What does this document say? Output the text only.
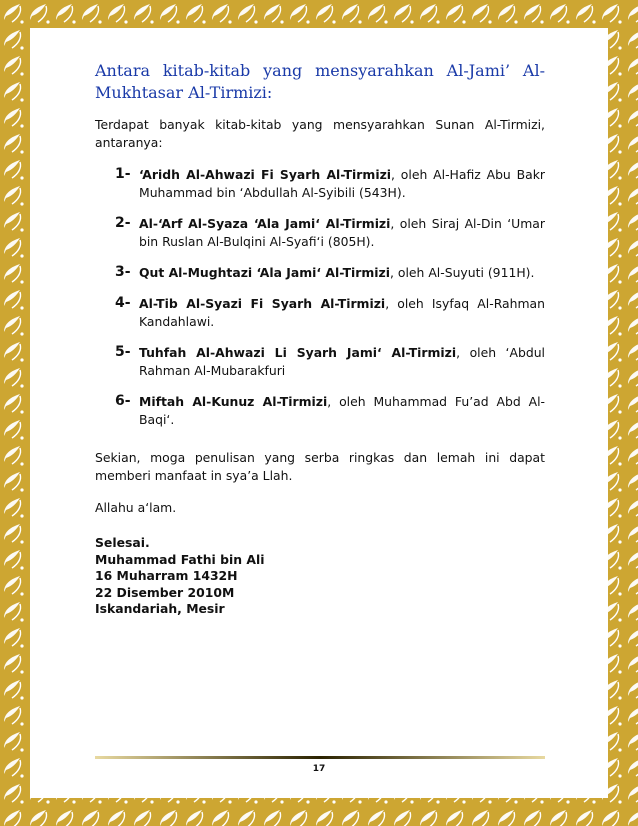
Antara kitab-kitab yang mensyarahkan Al-Jami’ Al-Mukhtasar Al-Tirmizi:

Terdapat banyak kitab-kitab yang mensyarahkan Sunan Al-Tirmizi, antaranya:

1- ‘Aridh Al-Ahwazi Fi Syarh Al-Tirmizi, oleh Al-Hafiz Abu Bakr Muhammad bin ‘Abdullah Al-Syibili (543H).
2- Al-‘Arf Al-Syaza ‘Ala Jami‘ Al-Tirmizi, oleh Siraj Al-Din ‘Umar bin Ruslan Al-Bulqini Al-Syafi‘i (805H).
3- Qut Al-Mughtazi ‘Ala Jami‘ Al-Tirmizi, oleh Al-Suyuti (911H).
4- Al-Tib Al-Syazi Fi Syarh Al-Tirmizi, oleh Isyfaq Al-Rahman Kandahlawi.
5- Tuhfah Al-Ahwazi Li Syarh Jami‘ Al-Tirmizi, oleh ‘Abdul Rahman Al-Mubarakfuri
6- Miftah Al-Kunuz Al-Tirmizi, oleh Muhammad Fu’ad Abd Al-Baqi‘.

Sekian, moga penulisan yang serba ringkas dan lemah ini dapat memberi manfaat in sya’a Llah.

Allahu a‘lam.

Selesai.
Muhammad Fathi bin Ali
16 Muharram 1432H
22 Disember 2010M
Iskandariah, Mesir
17
